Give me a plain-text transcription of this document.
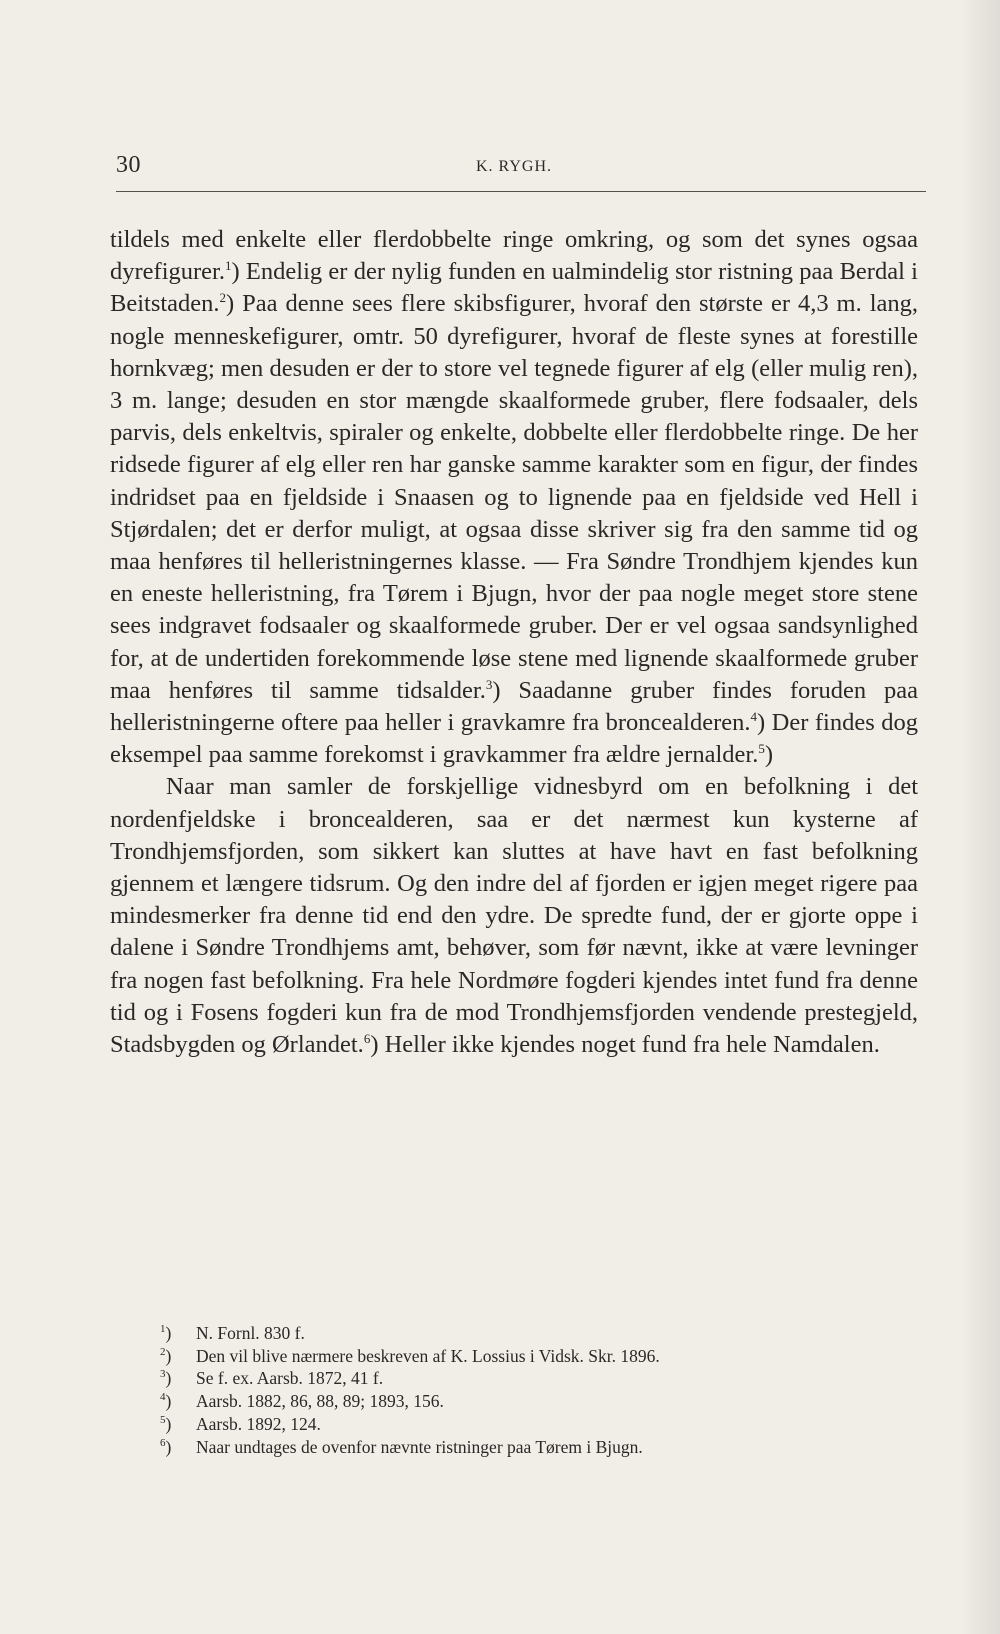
30	K. RYGH.

tildels med enkelte eller flerdobbelte ringe omkring, og som det synes ogsaa dyrefigurer.$^1$) Endelig er der nylig funden en ualmindelig stor ristning paa Berdal i Beitstaden.$^2$) Paa denne sees flere skibsfigurer, hvoraf den største er 4,3 m. lang, nogle menneskefigurer, omtr. 50 dyrefigurer, hvoraf de fleste synes at forestille hornkvæg; men desuden er der to store vel tegnede figurer af elg (eller mulig ren), 3 m. lange; desuden en stor mængde skaalformede gruber, flere fodsaaler, dels parvis, dels enkeltvis, spiraler og enkelte, dobbelte eller flerdobbelte ringe. De her ridsede figurer af elg eller ren har ganske samme karakter som en figur, der findes indridset paa en fjeldside i Snaasen og to lignende paa en fjeldside ved Hell i Stjørdalen; det er derfor muligt, at ogsaa disse skriver sig fra den samme tid og maa henføres til helleristningernes klasse. — Fra Søndre Trondhjem kjendes kun en eneste helleristning, fra Tørem i Bjugn, hvor der paa nogle meget store stene sees indgravet fodsaaler og skaalformede gruber. Der er vel ogsaa sandsynlighed for, at de undertiden forekommende løse stene med lignende skaalformede gruber maa henføres til samme tidsalder.$^3$) Saadanne gruber findes foruden paa helleristningerne oftere paa heller i gravkamre fra broncealderen.$^4$) Der findes dog eksempel paa samme forekomst i gravkammer fra ældre jernalder.$^5$)

Naar man samler de forskjellige vidnesbyrd om en befolkning i det nordenfjeldske i broncealderen, saa er det nærmest kun kysterne af Trondhjemsfjorden, som sikkert kan sluttes at have havt en fast befolkning gjennem et længere tidsrum. Og den indre del af fjorden er igjen meget rigere paa mindesmerker fra denne tid end den ydre. De spredte fund, der er gjorte oppe i dalene i Søndre Trondhjems amt, behøver, som før nævnt, ikke at være levninger fra nogen fast befolkning. Fra hele Nordmøre fogderi kjendes intet fund fra denne tid og i Fosens fogderi kun fra de mod Trondhjemsfjorden vendende prestegjeld, Stadsbygden og Ørlandet.$^6$) Heller ikke kjendes noget fund fra hele Namdalen.

$^1$) N. Fornl. 830 f.
$^2$) Den vil blive nærmere beskreven af K. Lossius i Vidsk. Skr. 1896.
$^3$) Se f. ex. Aarsb. 1872, 41 f.
$^4$) Aarsb. 1882, 86, 88, 89; 1893, 156.
$^5$) Aarsb. 1892, 124.
$^6$) Naar undtages de ovenfor nævnte ristninger paa Tørem i Bjugn.
